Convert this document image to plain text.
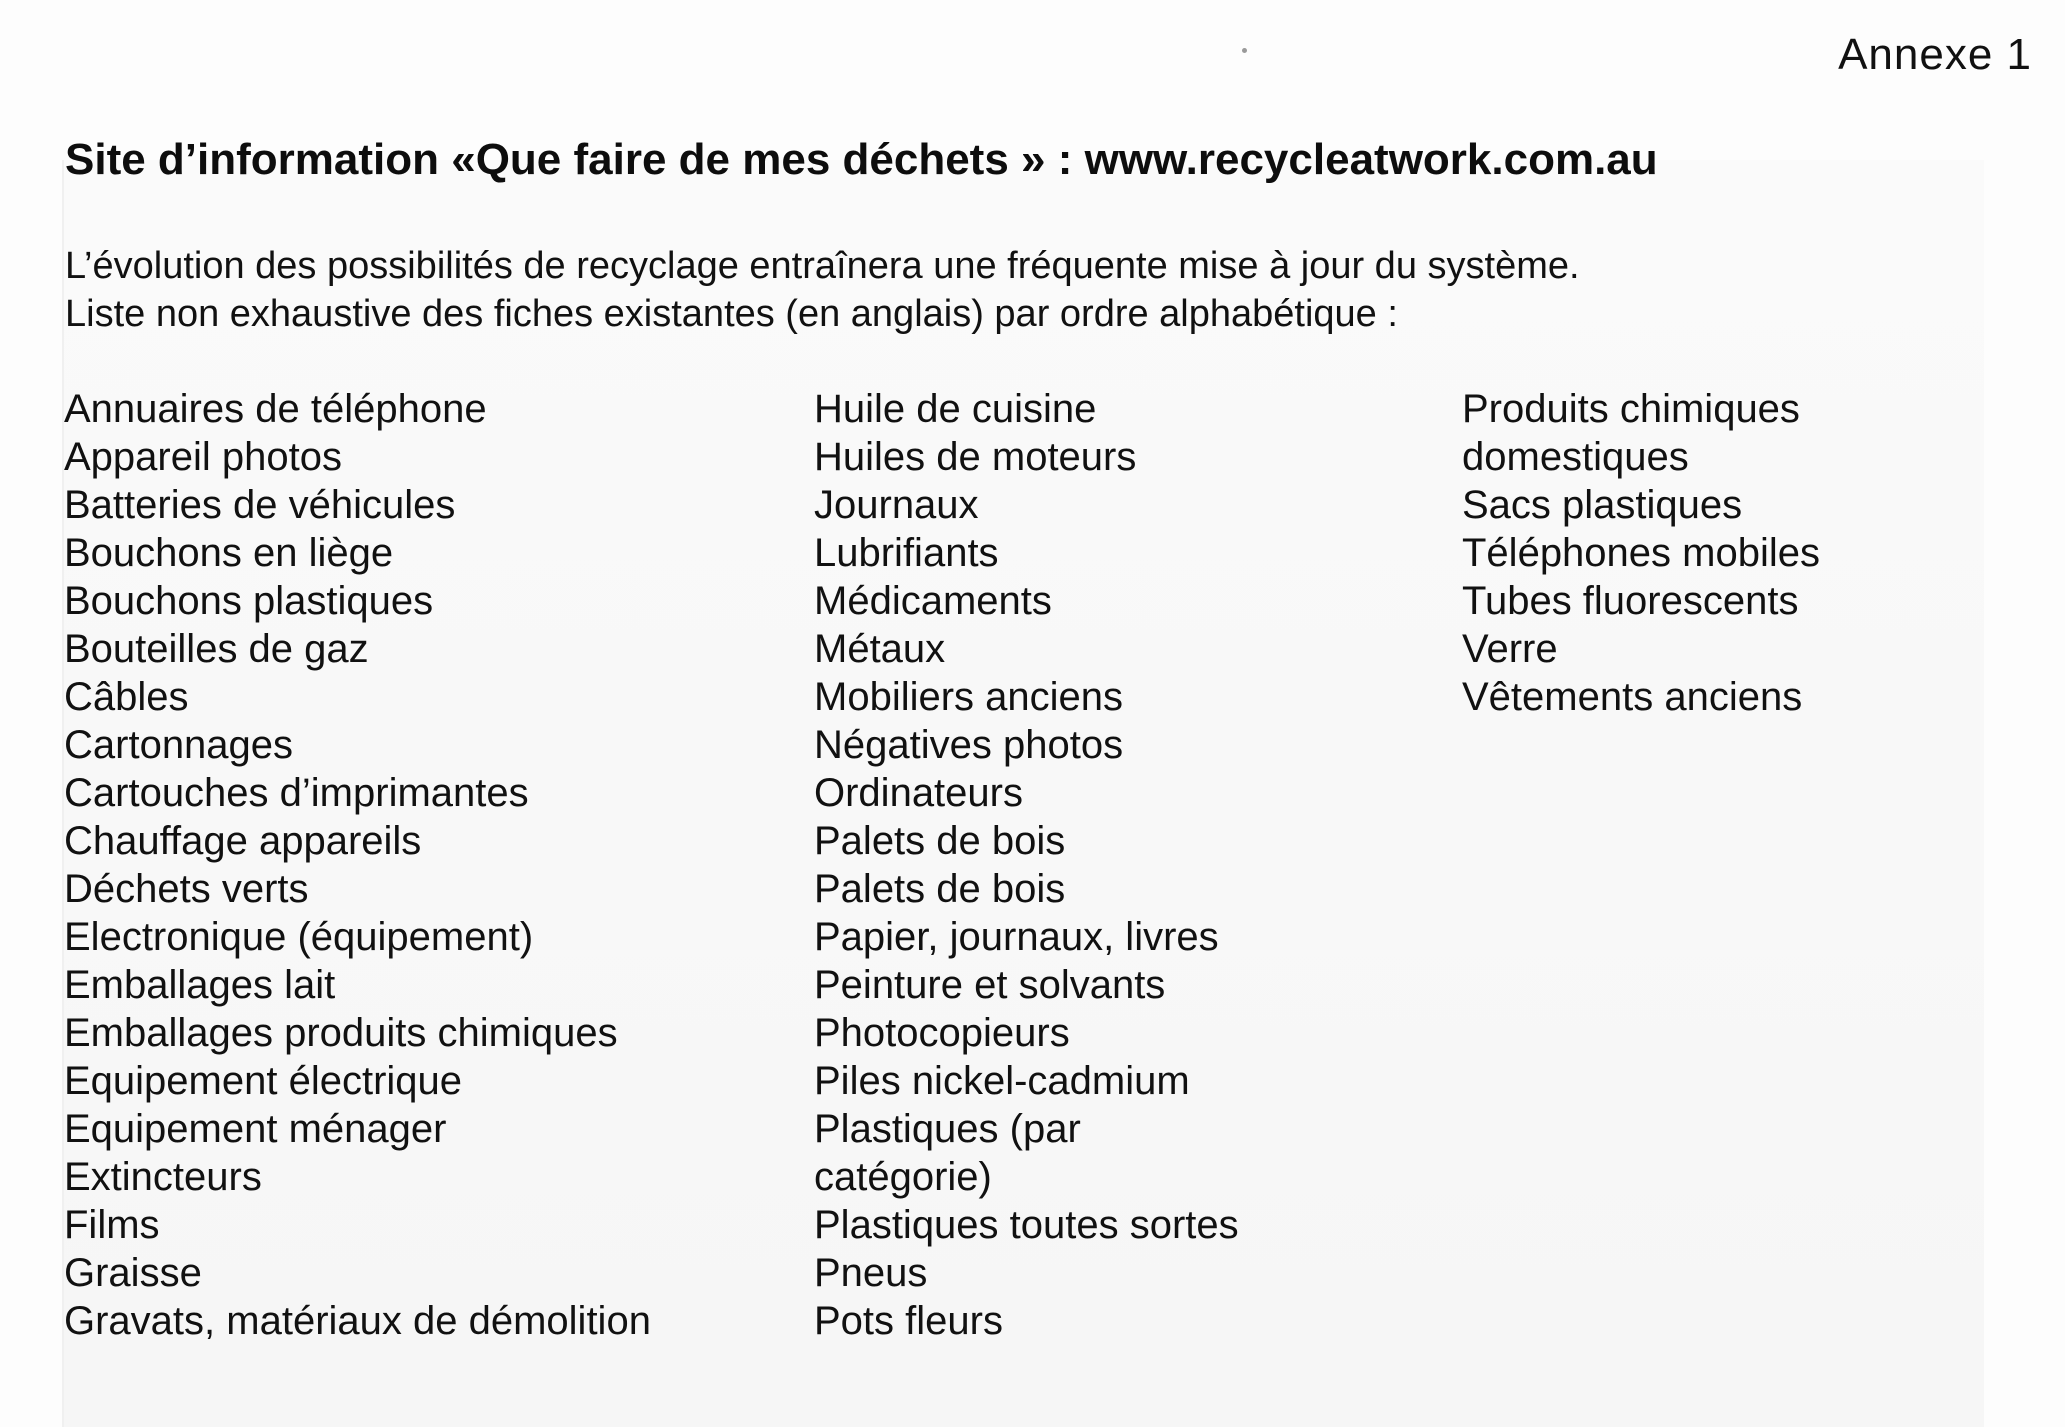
Annexe 1
Site d’information «Que faire de mes déchets » : www.recycleatwork.com.au
L’évolution des possibilités de recyclage entraînera une fréquente mise à jour du système.
Liste non exhaustive des fiches existantes (en anglais) par ordre alphabétique :
Annuaires de téléphone
Appareil photos
Batteries de véhicules
Bouchons en liège
Bouchons plastiques
Bouteilles de gaz
Câbles
Cartonnages
Cartouches d’imprimantes
Chauffage appareils
Déchets verts
Electronique (équipement)
Emballages lait
Emballages produits chimiques
Equipement électrique
Equipement ménager
Extincteurs
Films
Graisse
Gravats, matériaux de démolition
Huile de cuisine
Huiles de moteurs
Journaux
Lubrifiants
Médicaments
Métaux
Mobiliers anciens
Négatives photos
Ordinateurs
Palets de bois
Palets de bois
Papier, journaux, livres
Peinture et solvants
Photocopieurs
Piles nickel-cadmium
Plastiques (par
catégorie)
Plastiques toutes sortes
Pneus
Pots fleurs
Produits chimiques
domestiques
Sacs plastiques
Téléphones mobiles
Tubes fluorescents
Verre
Vêtements anciens
